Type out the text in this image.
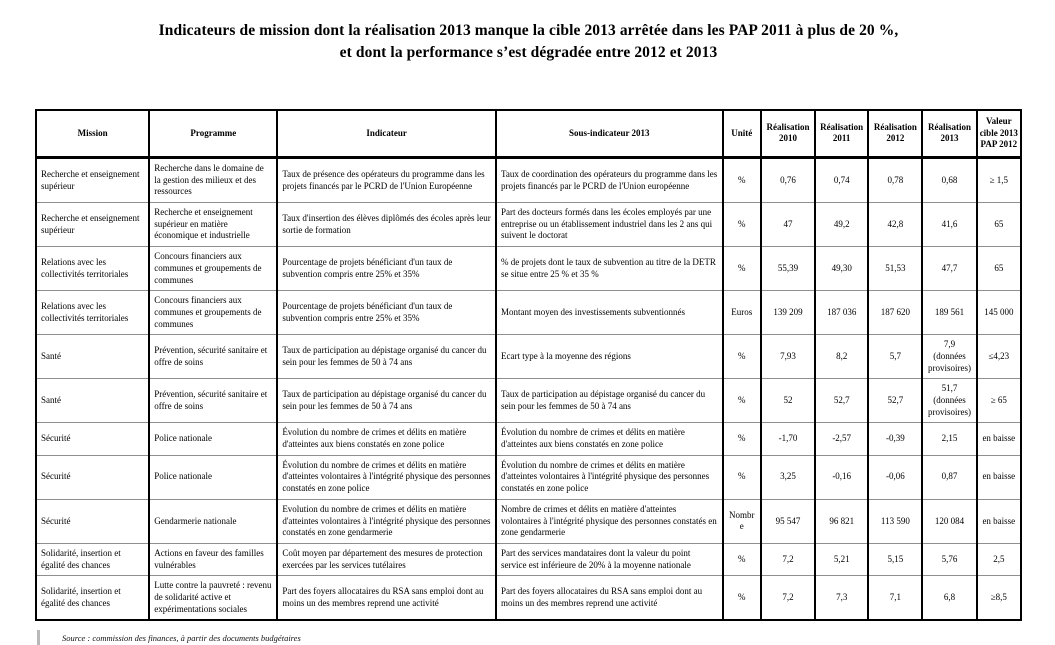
Indicateurs de mission dont la réalisation 2013 manque la cible 2013 arrêtée dans les PAP 2011 à plus de 20 %,
et dont la performance s’est dégradée entre 2012 et 2013
Mission	Programme	Indicateur	Sous-indicateur 2013	Unité	Réalisation 2010	Réalisation 2011	Réalisation 2012	Réalisation 2013	Valeur cible 2013 PAP 2012
Recherche et enseignement supérieur	Recherche dans le domaine de la gestion des milieux et des ressources	Taux de présence des opérateurs du programme dans les projets financés par le PCRD de l'Union Européenne	Taux de coordination des opérateurs du programme dans les projets financés par le PCRD de l'Union européenne	%	0,76	0,74	0,78	0,68	≥ 1,5
Recherche et enseignement supérieur	Recherche et enseignement supérieur en matière économique et industrielle	Taux d'insertion des élèves diplômés des écoles après leur sortie de formation	Part des docteurs formés dans les écoles employés par une entreprise ou un établissement industriel dans les 2 ans qui suivent le doctorat	%	47	49,2	42,8	41,6	65
Relations avec les collectivités territoriales	Concours financiers aux communes et groupements de communes	Pourcentage de projets bénéficiant d'un taux de subvention compris entre 25% et 35%	% de projets dont le taux de subvention au titre de la DETR se situe entre 25 % et 35 %	%	55,39	49,30	51,53	47,7	65
Relations avec les collectivités territoriales	Concours financiers aux communes et groupements de communes	Pourcentage de projets bénéficiant d'un taux de subvention compris entre 25% et 35%	Montant moyen des investissements subventionnés	Euros	139 209	187 036	187 620	189 561	145 000
Santé	Prévention, sécurité sanitaire et offre de soins	Taux de participation au dépistage organisé du cancer du sein pour les femmes de 50 à 74 ans	Ecart type à la moyenne des régions	%	7,93	8,2	5,7	7,9 (données provisoires)	≤4,23
Santé	Prévention, sécurité sanitaire et offre de soins	Taux de participation au dépistage organisé du cancer du sein pour les femmes de 50 à 74 ans	Taux de participation au dépistage organisé du cancer du sein pour les femmes de 50 à 74 ans	%	52	52,7	52,7	51,7 (données provisoires)	≥ 65
Sécurité	Police nationale	Évolution du nombre de crimes et délits en matière d'atteintes aux biens constatés en zone police	Évolution du nombre de crimes et délits en matière d'atteintes aux biens constatés en zone police	%	-1,70	-2,57	-0,39	2,15	en baisse
Sécurité	Police nationale	Évolution du nombre de crimes et délits en matière d'atteintes volontaires à l'intégrité physique des personnes constatés en zone police	Évolution du nombre de crimes et délits en matière d'atteintes volontaires à l'intégrité physique des personnes constatés en zone police	%	3,25	-0,16	-0,06	0,87	en baisse
Sécurité	Gendarmerie nationale	Evolution du nombre de crimes et délits en matière d'atteintes volontaires à l'intégrité physique des personnes constatés en zone gendarmerie	Nombre de crimes et délits en matière d'atteintes volontaires à l'intégrité physique des personnes constatés en zone gendarmerie	Nombre	95 547	96 821	113 590	120 084	en baisse
Solidarité, insertion et égalité des chances	Actions en faveur des familles vulnérables	Coût moyen par département des mesures de protection exercées par les services tutélaires	Part des services mandataires dont la valeur du point service est inférieure de 20% à la moyenne nationale	%	7,2	5,21	5,15	5,76	2,5
Solidarité, insertion et égalité des chances	Lutte contre la pauvreté : revenu de solidarité active et expérimentations sociales	Part des foyers allocataires du RSA sans emploi dont au moins un des membres reprend une activité	Part des foyers allocataires du RSA sans emploi dont au moins un des membres reprend une activité	%	7,2	7,3	7,1	6,8	≥8,5
Source : commission des finances, à partir des documents budgétaires
